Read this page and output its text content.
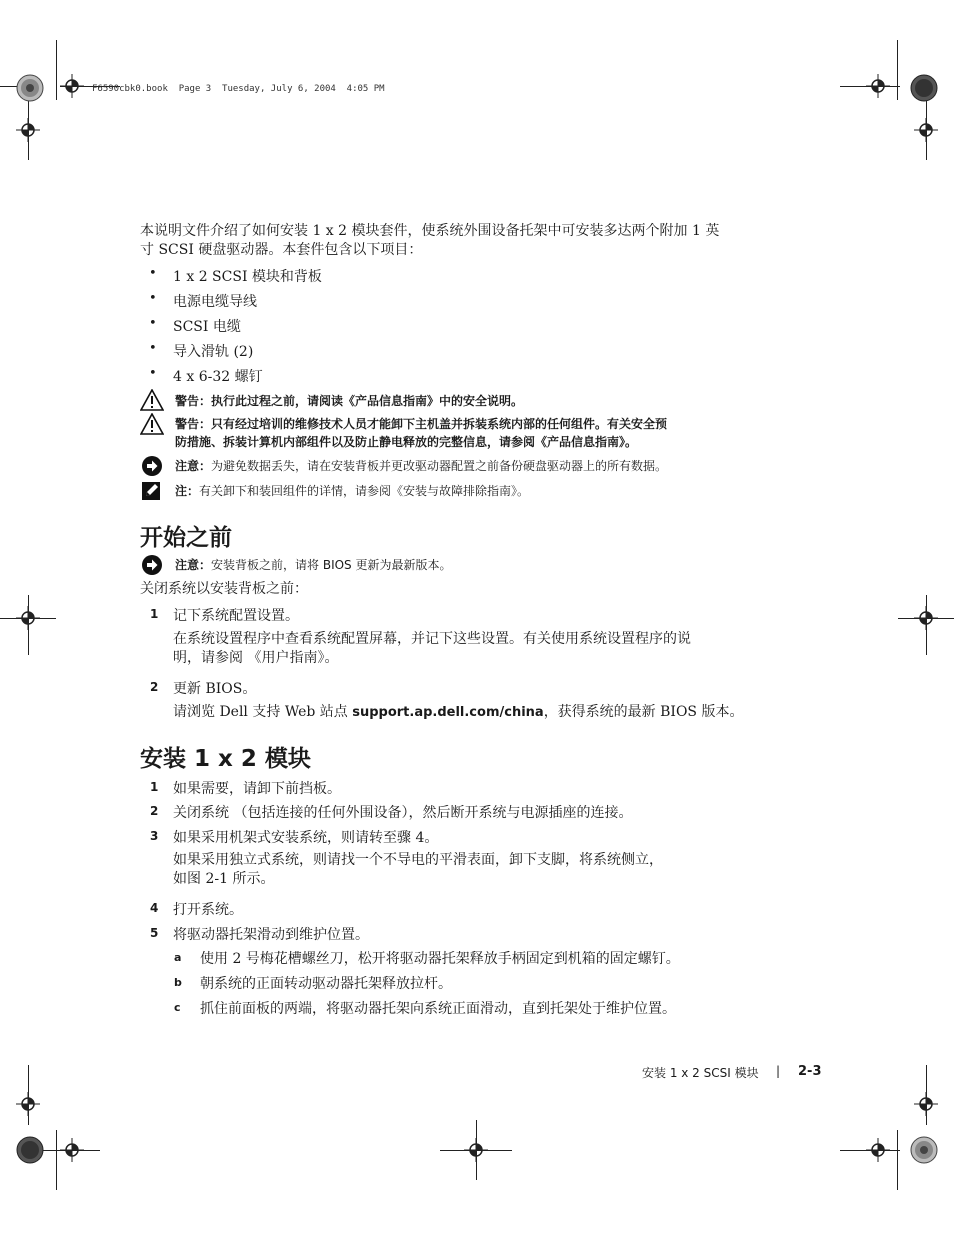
F6590cbk0.book  Page 3  Tuesday, July 6, 2004  4:05 PM
本说明文件介绍了如何安装 1 x 2 模块套件，使系统外围设备托架中可安装多达两个附加 1 英
寸 SCSI 硬盘驱动器。本套件包含以下项目：
• 1 x 2 SCSI 模块和背板
• 电源电缆导线
• SCSI 电缆
• 导入滑轨 (2)
• 4 x 6-32 螺钉
警告：执行此过程之前，请阅读《产品信息指南》中的安全说明。
警告：只有经过培训的维修技术人员才能卸下主机盖并拆装系统内部的任何组件。有关安全预
防措施、拆装计算机内部组件以及防止静电释放的完整信息，请参阅《产品信息指南》。
注意：为避免数据丢失，请在安装背板并更改驱动器配置之前备份硬盘驱动器上的所有数据。
注：有关卸下和装回组件的详情，请参阅《安装与故障排除指南》。
开始之前
注意：安装背板之前，请将 BIOS 更新为最新版本。
关闭系统以安装背板之前：
1 记下系统配置设置。
在系统设置程序中查看系统配置屏幕，并记下这些设置。有关使用系统设置程序的说
明，请参阅 《用户指南》。
2 更新 BIOS。
请浏览 Dell 支持 Web 站点 support.ap.dell.com/china，获得系统的最新 BIOS 版本。
安装 1 x 2 模块
1 如果需要，请卸下前挡板。
2 关闭系统 （包括连接的任何外围设备），然后断开系统与电源插座的连接。
3 如果采用机架式安装系统，则请转至骤 4。
如果采用独立式系统，则请找一个不导电的平滑表面，卸下支脚，将系统侧立，
如图 2-1 所示。
4 打开系统。
5 将驱动器托架滑动到维护位置。
a 使用 2 号梅花槽螺丝刀，松开将驱动器托架释放手柄固定到机箱的固定螺钉。
b 朝系统的正面转动驱动器托架释放拉杆。
c 抓住前面板的两端，将驱动器托架向系统正面滑动，直到托架处于维护位置。
安装 1 x 2 SCSI 模块 | 2-3
